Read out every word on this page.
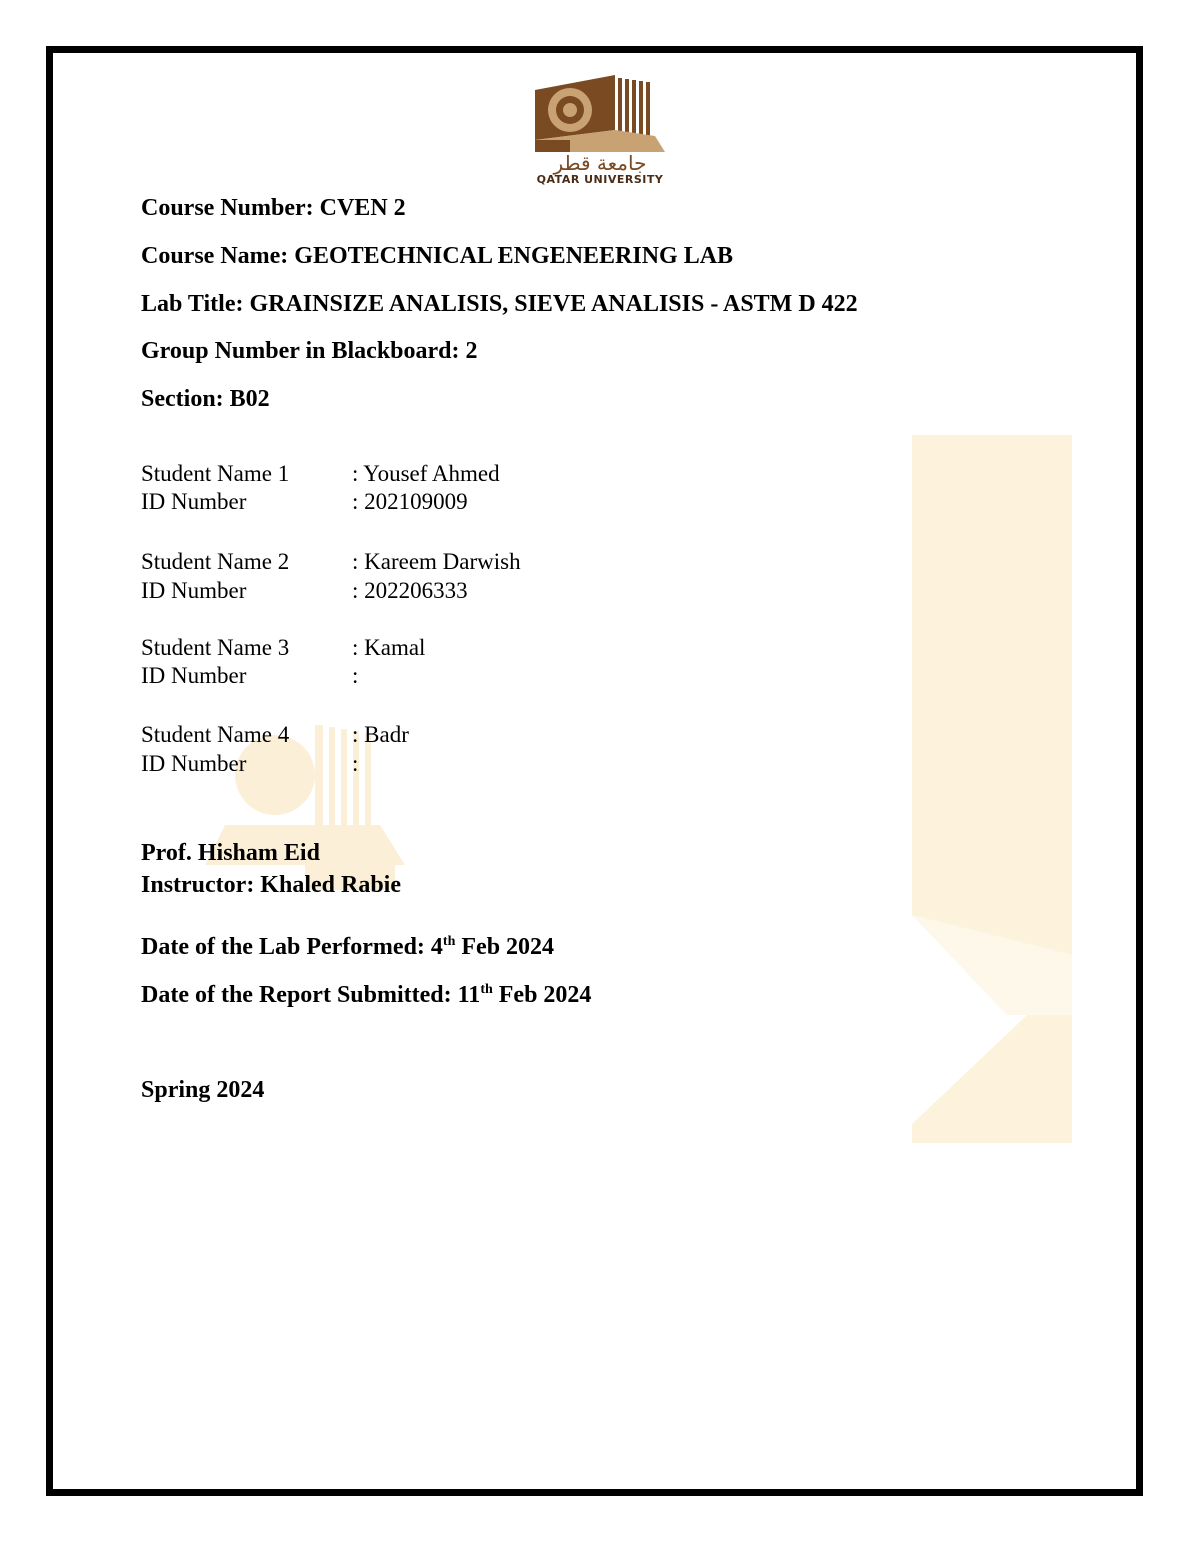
جامعة قطر
QATAR UNIVERSITY
Course Number: CVEN 2
Course Name: GEOTECHNICAL ENGENEERING LAB
Lab Title: GRAINSIZE ANALISIS, SIEVE ANALISIS - ASTM D 422
Group Number in Blackboard: 2
Section: B02
Student Name 1	: Yousef Ahmed
ID Number	: 202109009
Student Name 2	: Kareem Darwish
ID Number	: 202206333
Student Name 3	: Kamal
ID Number	:
Student Name 4	: Badr
ID Number	:
Prof. Hisham Eid
Instructor: Khaled Rabie
Date of the Lab Performed: 4th Feb 2024
Date of the Report Submitted: 11th Feb 2024
Spring 2024
